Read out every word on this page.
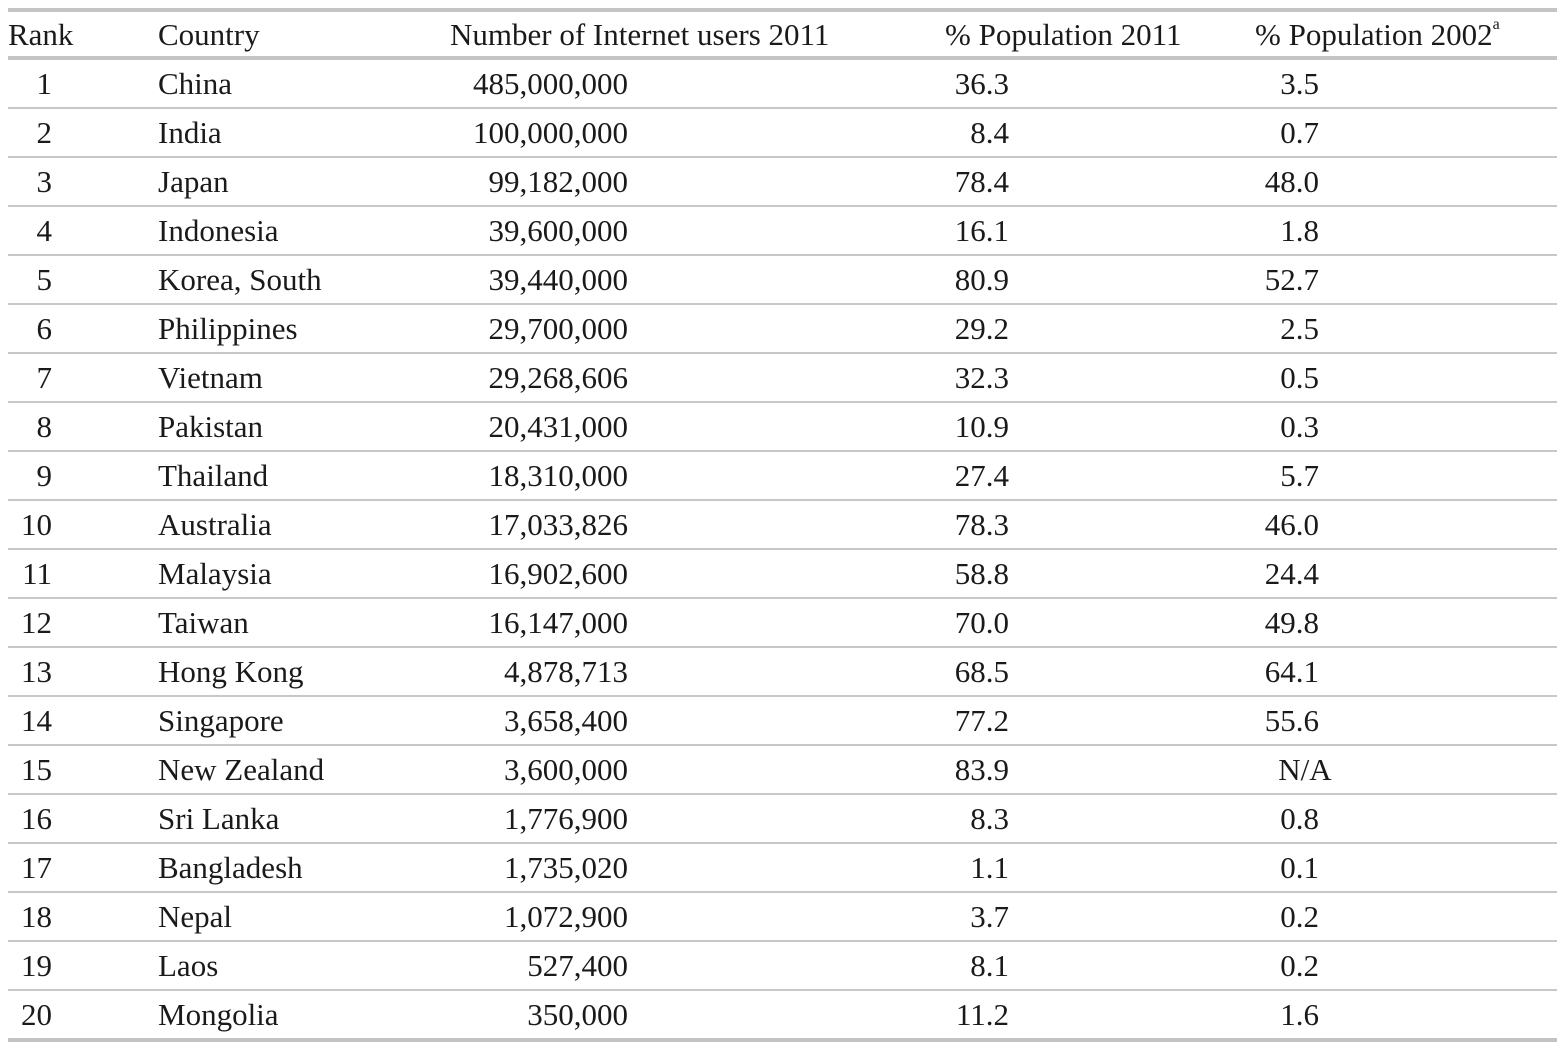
Rank	Country	Number of Internet users 2011	% Population 2011	% Population 2002$^a$
1	China	485,000,000	36.3	3.5
2	India	100,000,000	8.4	0.7
3	Japan	99,182,000	78.4	48.0
4	Indonesia	39,600,000	16.1	1.8
5	Korea, South	39,440,000	80.9	52.7
6	Philippines	29,700,000	29.2	2.5
7	Vietnam	29,268,606	32.3	0.5
8	Pakistan	20,431,000	10.9	0.3
9	Thailand	18,310,000	27.4	5.7
10	Australia	17,033,826	78.3	46.0
11	Malaysia	16,902,600	58.8	24.4
12	Taiwan	16,147,000	70.0	49.8
13	Hong Kong	4,878,713	68.5	64.1
14	Singapore	3,658,400	77.2	55.6
15	New Zealand	3,600,000	83.9	N/A
16	Sri Lanka	1,776,900	8.3	0.8
17	Bangladesh	1,735,020	1.1	0.1
18	Nepal	1,072,900	3.7	0.2
19	Laos	527,400	8.1	0.2
20	Mongolia	350,000	11.2	1.6
